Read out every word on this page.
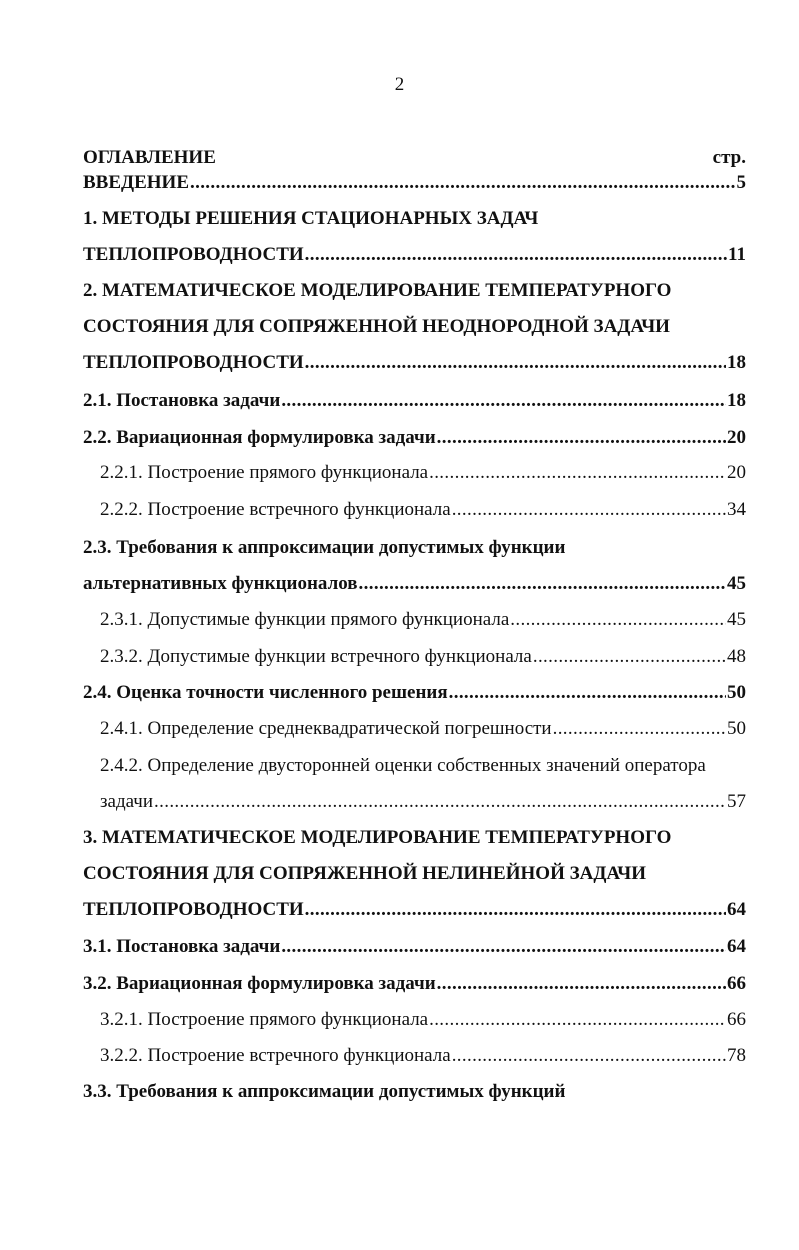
2
ОГЛАВЛЕНИЕ	стр.
ВВЕДЕНИЕ . . .	5
1. МЕТОДЫ РЕШЕНИЯ СТАЦИОНАРНЫХ ЗАДАЧ
ТЕПЛОПРОВОДНОСТИ . . .	11
2. МАТЕМАТИЧЕСКОЕ МОДЕЛИРОВАНИЕ ТЕМПЕРАТУРНОГО
СОСТОЯНИЯ ДЛЯ СОПРЯЖЕННОЙ НЕОДНОРОДНОЙ ЗАДАЧИ
ТЕПЛОПРОВОДНОСТИ . . .	18
2.1. Постановка задачи . . .	18
2.2. Вариационная формулировка задачи . . .	20
2.2.1. Построение прямого функционала . . .	20
2.2.2. Построение встречного функционала . . .	34
2.3. Требования к аппроксимации допустимых функции
альтернативных функционалов . . .	45
2.3.1. Допустимые функции прямого функционала . . .	45
2.3.2. Допустимые функции встречного функционала . . .	48
2.4. Оценка точности численного решения . . .	50
2.4.1. Определение среднеквадратической погрешности . . .	50
2.4.2. Определение двусторонней оценки собственных значений оператора
задачи . . .	57
3. МАТЕМАТИЧЕСКОЕ МОДЕЛИРОВАНИЕ ТЕМПЕРАТУРНОГО
СОСТОЯНИЯ ДЛЯ СОПРЯЖЕННОЙ НЕЛИНЕЙНОЙ ЗАДАЧИ
ТЕПЛОПРОВОДНОСТИ . . .	64
3.1. Постановка задачи . . .	64
3.2. Вариационная формулировка задачи . . .	66
3.2.1. Построение прямого функционала . . .	66
3.2.2. Построение встречного функционала . . .	78
3.3. Требования к аппроксимации допустимых функций
